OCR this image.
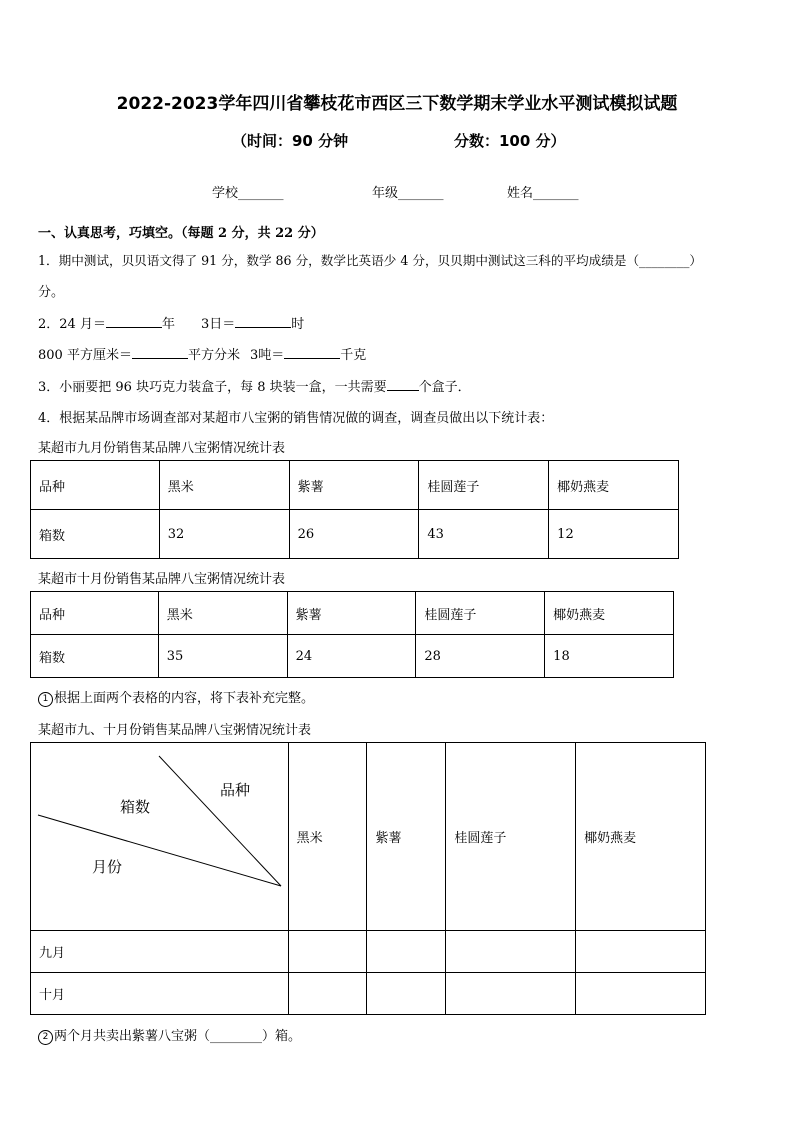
2022-2023学年四川省攀枝花市西区三下数学期末学业水平测试模拟试题
（时间：90 分钟	分数：100 分）
学校_______	年级_______	姓名_______
一、认真思考，巧填空。（每题 2 分，共 22 分）
1．期中测试，贝贝语文得了 91 分，数学 86 分，数学比英语少 4 分，贝贝期中测试这三科的平均成绩是（________）
分。
2．24 月＝	年 3日＝	时
800 平方厘米＝	平方分米 3吨＝	千克
3．小丽要把 96 块巧克力装盒子，每 8 块装一盒，一共需要 个盒子．
4．根据某品牌市场调查部对某超市八宝粥的销售情况做的调查，调查员做出以下统计表：
某超市九月份销售某品牌八宝粥情况统计表
品种	黑米	紫薯	桂圆莲子	椰奶燕麦
箱数	32	26	43	12
某超市十月份销售某品牌八宝粥情况统计表
品种	黑米	紫薯	桂圆莲子	椰奶燕麦
箱数	35	24	28	18
1 根据上面两个表格的内容，将下表补充完整。
某超市九、十月份销售某品牌八宝粥情况统计表
品种
箱数
月份	黑米	紫薯	桂圆莲子	椰奶燕麦
九月				
十月				
2 两个月共卖出紫薯八宝粥（________）箱。
